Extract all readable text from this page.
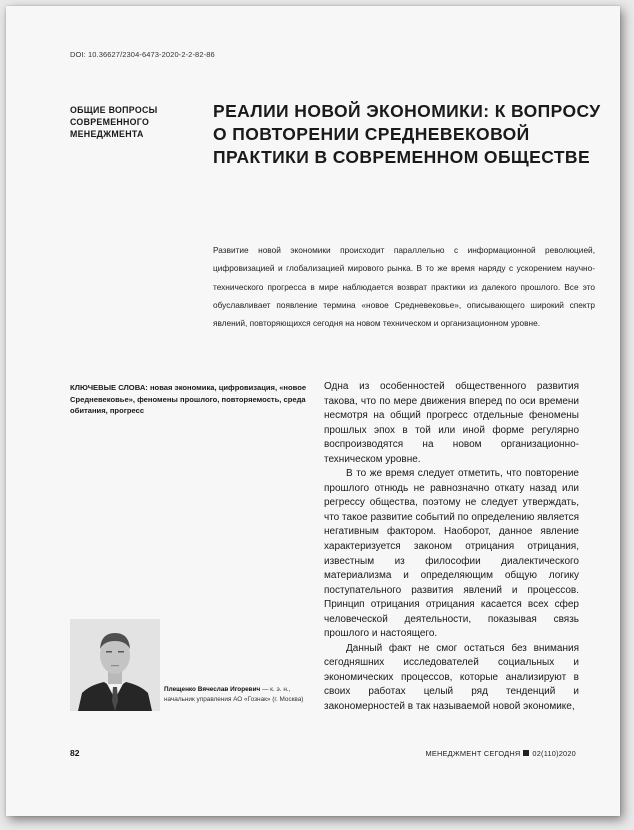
DOI: 10.36627/2304-6473-2020-2-2-82-86
ОБЩИЕ ВОПРОСЫ СОВРЕМЕННОГО МЕНЕДЖМЕНТА
РЕАЛИИ НОВОЙ ЭКОНОМИКИ: К ВОПРОСУ О ПОВТОРЕНИИ СРЕДНЕВЕКОВОЙ ПРАКТИКИ В СОВРЕМЕННОМ ОБЩЕСТВЕ
Развитие новой экономики происходит параллельно с информационной революцией, цифровизацией и глобализацией мирового рынка. В то же время наряду с ускорением научно-технического прогресса в мире наблюдается возврат практики из далекого прошлого. Все это обуславливает появление термина «новое Средневековье», описывающего широкий спектр явлений, повторяющихся сегодня на новом техническом и организационном уровне.
КЛЮЧЕВЫЕ СЛОВА: новая экономика, цифровизация, «новое Средневековье», феномены прошлого, повторяемость, среда обитания, прогресс

Одна из особенностей общественного развития такова, что по мере движения вперед по оси времени несмотря на общий прогресс отдельные феномены прошлых эпох в той или иной форме регулярно воспроизводятся на новом организационно-техническом уровне.

В то же время следует отметить, что повторение прошлого отнюдь не равнозначно откату назад или регрессу общества, поэтому не следует утверждать, что такое развитие событий по определению является негативным фактором. Наоборот, данное явление характеризуется законом отрицания отрицания, известным из философии диалектического материализма и определяющим общую логику поступательного развития явлений и процессов. Принцип отрицания отрицания касается всех сфер человеческой деятельности, показывая связь прошлого и настоящего.

Данный факт не смог остаться без внимания сегодняшних исследователей социальных и экономических процессов, которые анализируют в своих работах целый ряд тенденций и закономерностей в так называемой новой экономике,

Плещенко Вячеслав Игоревич — к. э. н., начальник управления АО «Гознак» (г. Москва)
82	МЕНЕДЖМЕНТ СЕГОДНЯ 02(110)2020
